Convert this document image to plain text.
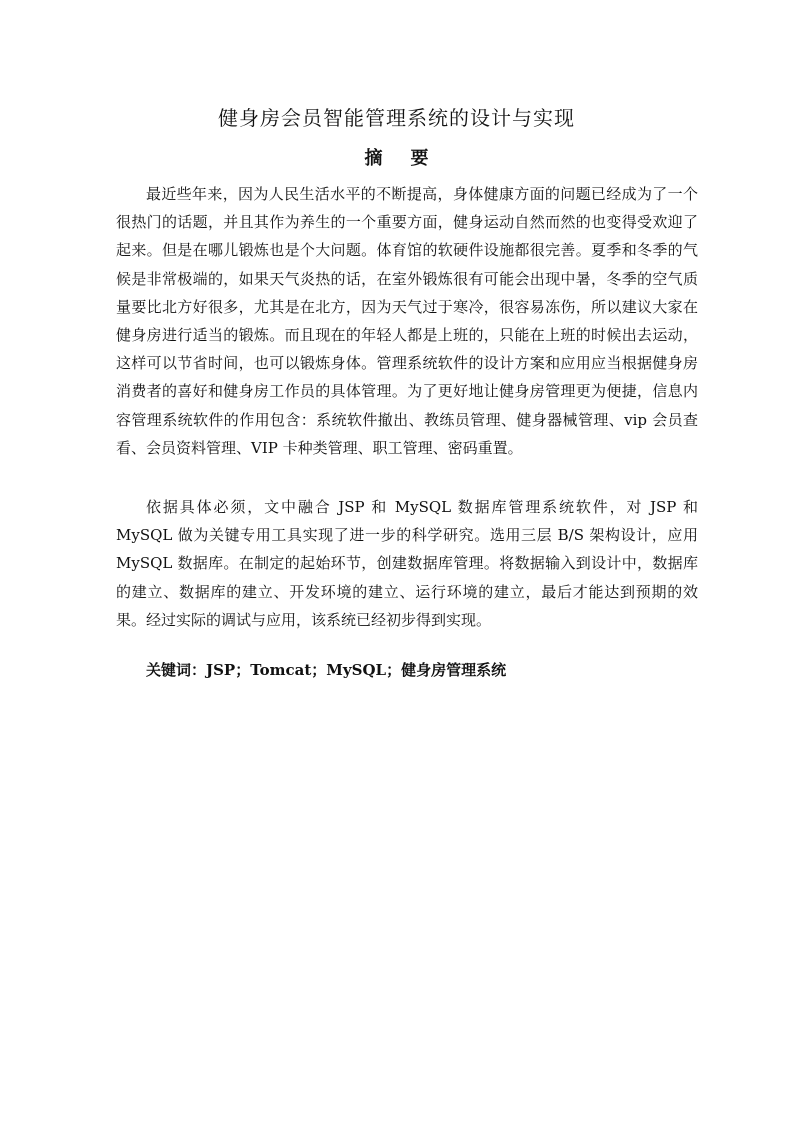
健身房会员智能管理系统的设计与实现
摘要

最近些年来，因为人民生活水平的不断提高，身体健康方面的问题已经成为了一个很热门的话题，并且其作为养生的一个重要方面，健身运动自然而然的也变得受欢迎了起来。但是在哪儿锻炼也是个大问题。体育馆的软硬件设施都很完善。夏季和冬季的气候是非常极端的，如果天气炎热的话，在室外锻炼很有可能会出现中暑，冬季的空气质量要比北方好很多，尤其是在北方，因为天气过于寒冷，很容易冻伤，所以建议大家在健身房进行适当的锻炼。而且现在的年轻人都是上班的，只能在上班的时候出去运动，这样可以节省时间，也可以锻炼身体。管理系统软件的设计方案和应用应当根据健身房消费者的喜好和健身房工作员的具体管理。为了更好地让健身房管理更为便捷，信息内容管理系统软件的作用包含：系统软件撤出、教练员管理、健身器械管理、vip 会员查看、会员资料管理、VIP 卡种类管理、职工管理、密码重置。

依据具体必须，文中融合 JSP 和 MySQL 数据库管理系统软件，对 JSP 和 MySQL 做为关键专用工具实现了进一步的科学研究。选用三层 B/S 架构设计，应用 MySQL 数据库。在制定的起始环节，创建数据库管理。将数据输入到设计中，数据库的建立、数据库的建立、开发环境的建立、运行环境的建立，最后才能达到预期的效果。经过实际的调试与应用，该系统已经初步得到实现。

关键词：JSP；Tomcat；MySQL；健身房管理系统
